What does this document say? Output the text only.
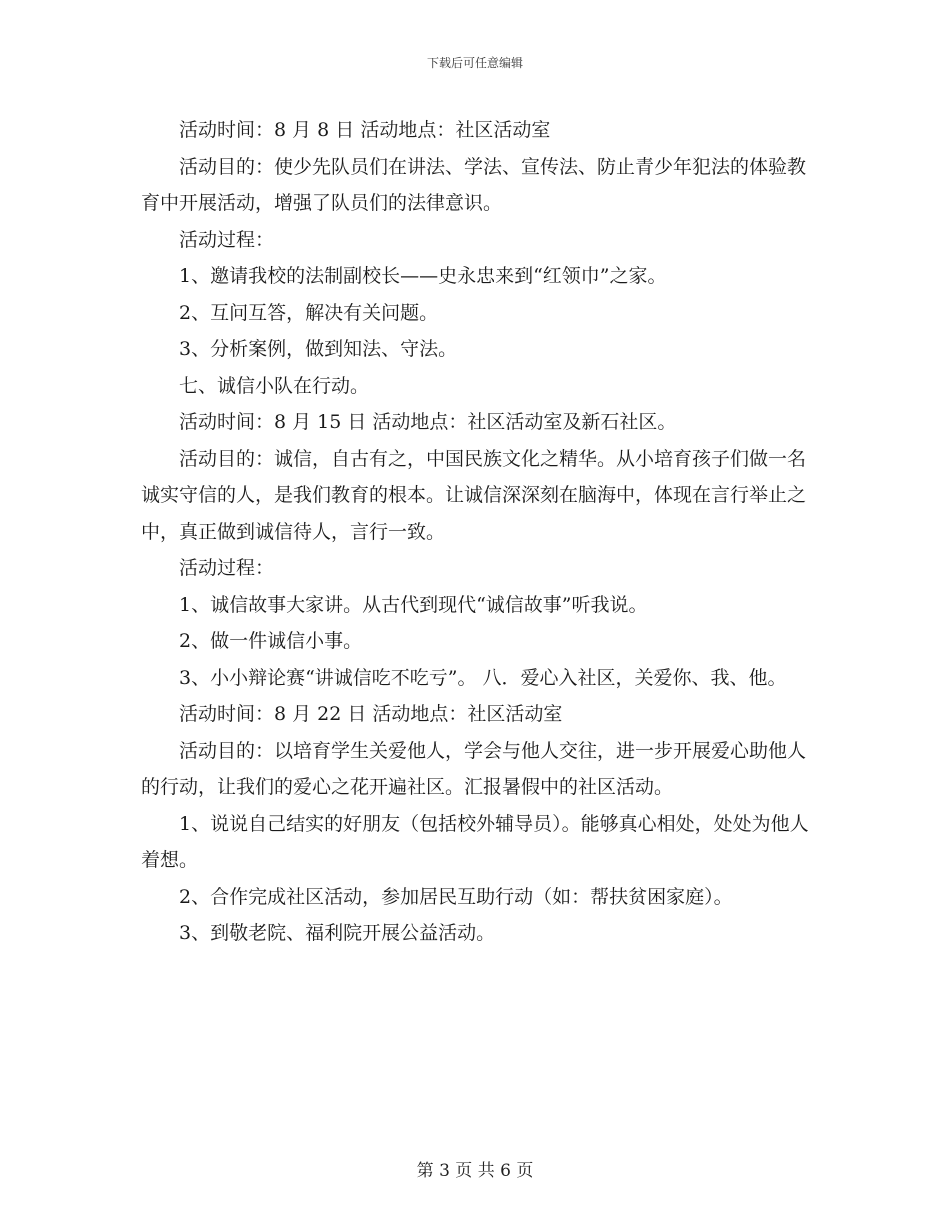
下载后可任意编辑

活动时间：8 月 8 日 活动地点：社区活动室

活动目的：使少先队员们在讲法、学法、宣传法、防止青少年犯法的体验教育中开展活动，增强了队员们的法律意识。

活动过程：

1、邀请我校的法制副校长——史永忠来到“红领巾”之家。

2、互问互答，解决有关问题。

3、分析案例，做到知法、守法。

七、诚信小队在行动。

活动时间：8 月 15 日 活动地点：社区活动室及新石社区。

活动目的：诚信，自古有之，中国民族文化之精华。从小培育孩子们做一名诚实守信的人，是我们教育的根本。让诚信深深刻在脑海中，体现在言行举止之中，真正做到诚信待人，言行一致。

活动过程：

1、诚信故事大家讲。从古代到现代“诚信故事”听我说。

2、做一件诚信小事。

3、小小辩论赛“讲诚信吃不吃亏”。 八．爱心入社区，关爱你、我、他。

活动时间：8 月 22 日 活动地点：社区活动室

活动目的：以培育学生关爱他人，学会与他人交往，进一步开展爱心助他人的行动，让我们的爱心之花开遍社区。汇报暑假中的社区活动。

1、说说自己结实的好朋友（包括校外辅导员）。能够真心相处，处处为他人着想。

2、合作完成社区活动，参加居民互助行动（如：帮扶贫困家庭）。

3、到敬老院、福利院开展公益活动。

第 3 页 共 6 页
